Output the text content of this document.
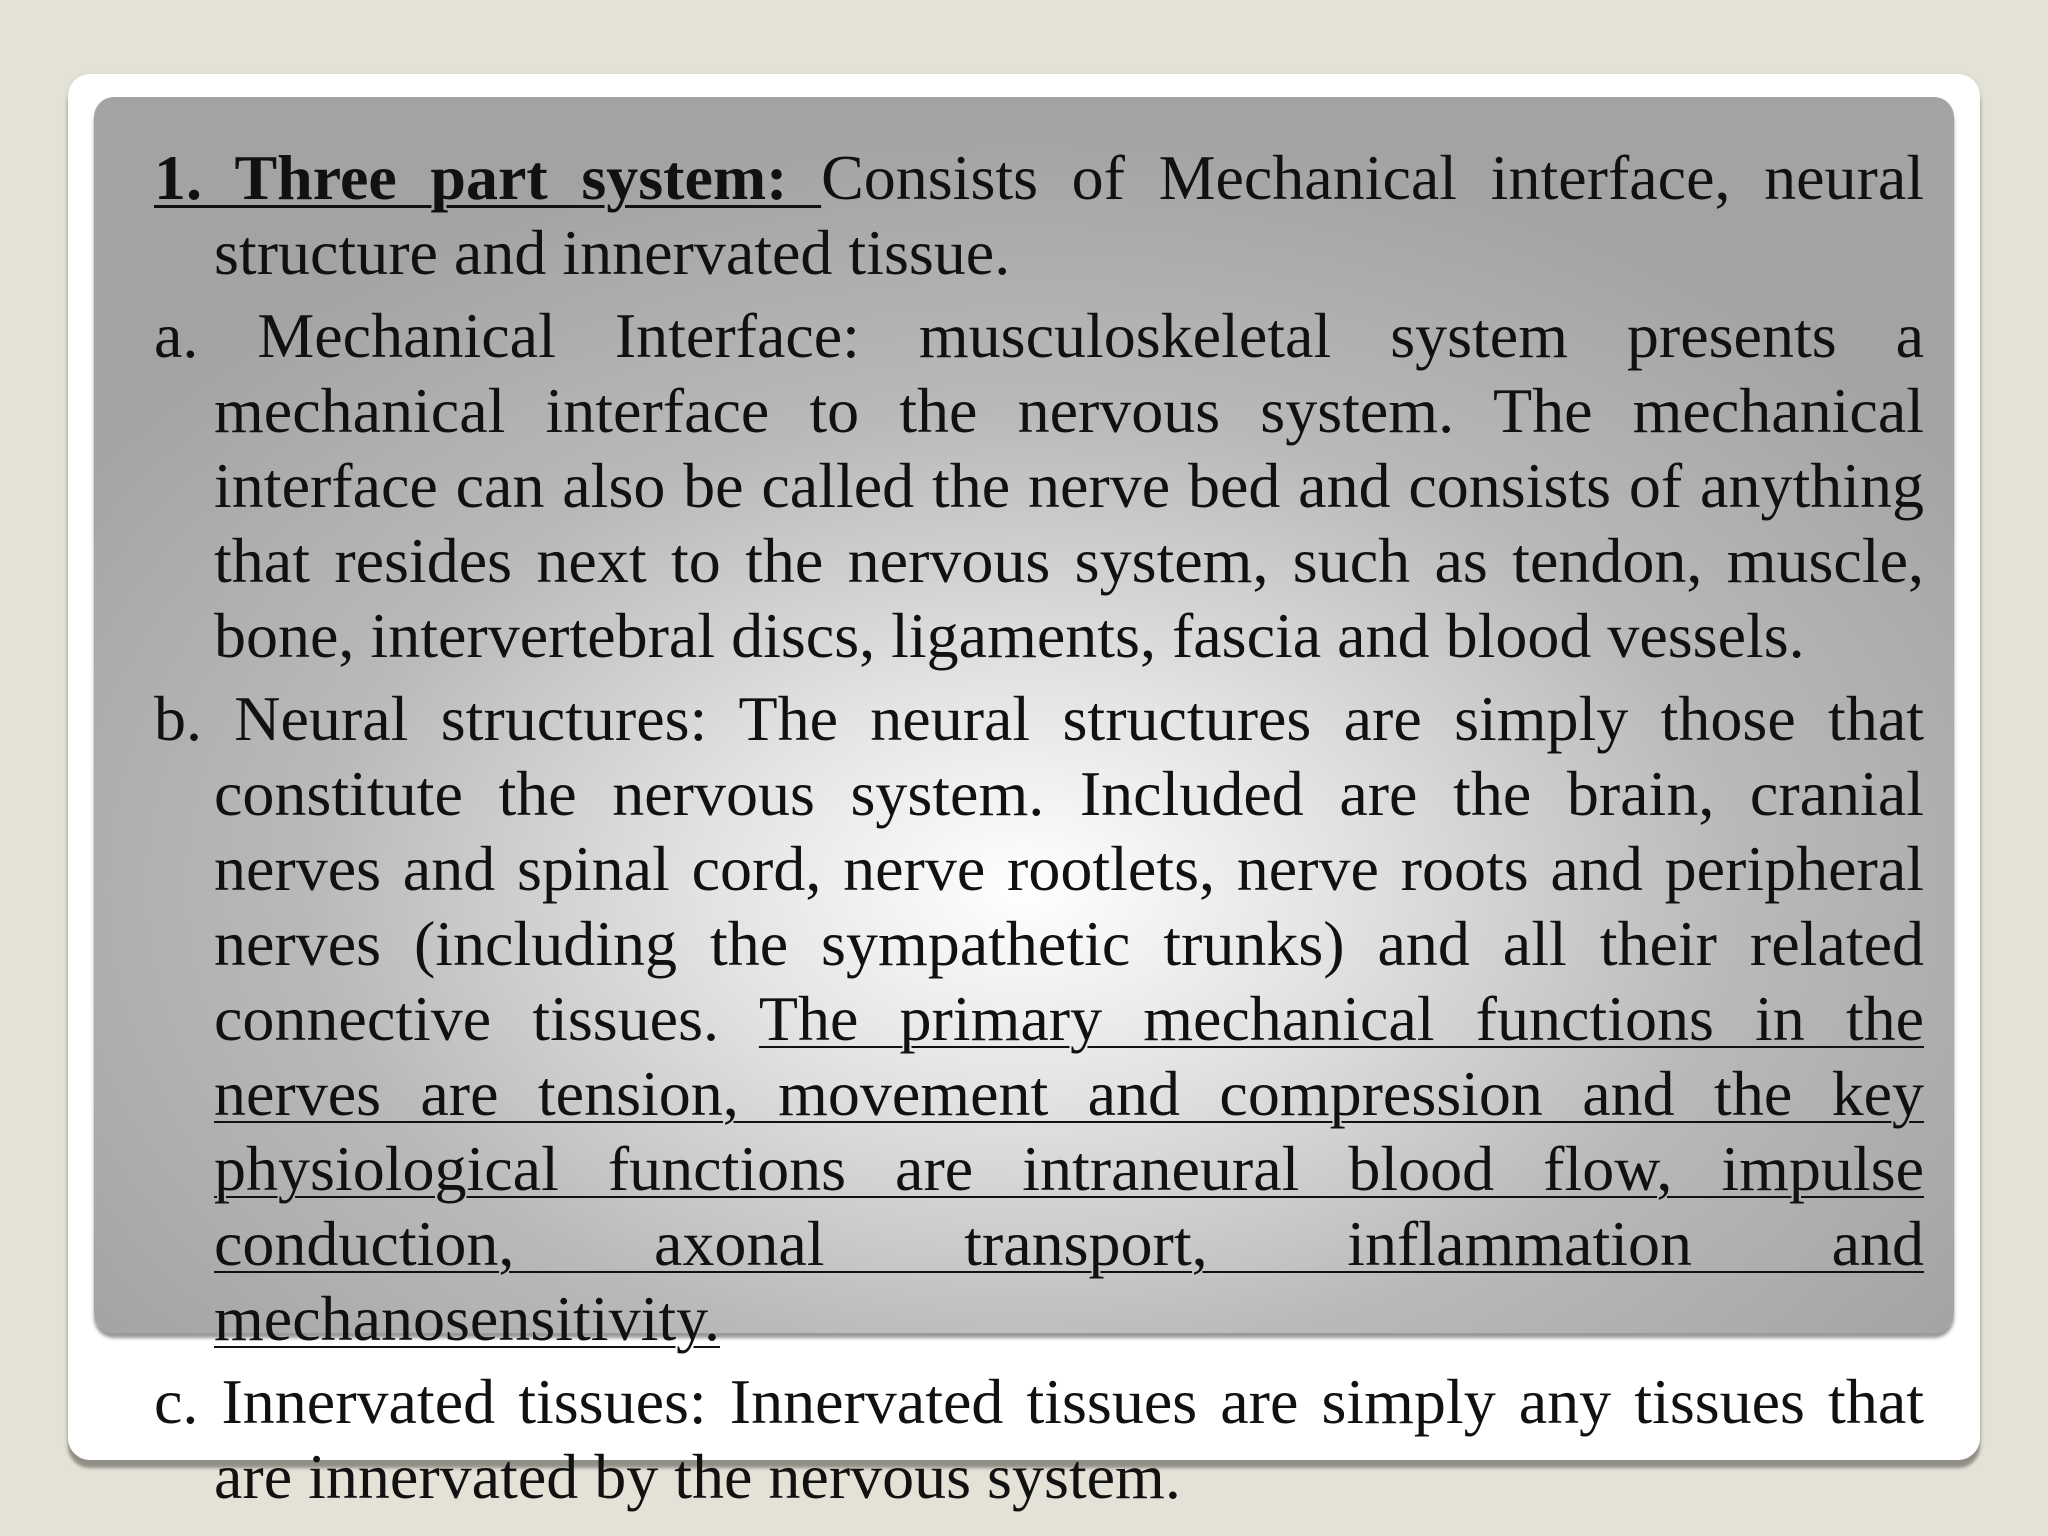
1. Three part system: Consists of Mechanical interface, neural structure and innervated tissue.

a. Mechanical Interface: musculoskeletal system presents a mechanical interface to the nervous system. The mechanical interface can also be called the nerve bed and consists of anything that resides next to the nervous system, such as tendon, muscle, bone, intervertebral discs, ligaments, fascia and blood vessels.

b. Neural structures: The neural structures are simply those that constitute the nervous system. Included are the brain, cranial nerves and spinal cord, nerve rootlets, nerve roots and peripheral nerves (including the sympathetic trunks) and all their related connective tissues. The primary mechanical functions in the nerves are tension, movement and compression and the key physiological functions are intraneural blood flow, impulse conduction, axonal transport, inflammation and mechanosensitivity.

c. Innervated tissues: Innervated tissues are simply any tissues that are innervated by the nervous system.
